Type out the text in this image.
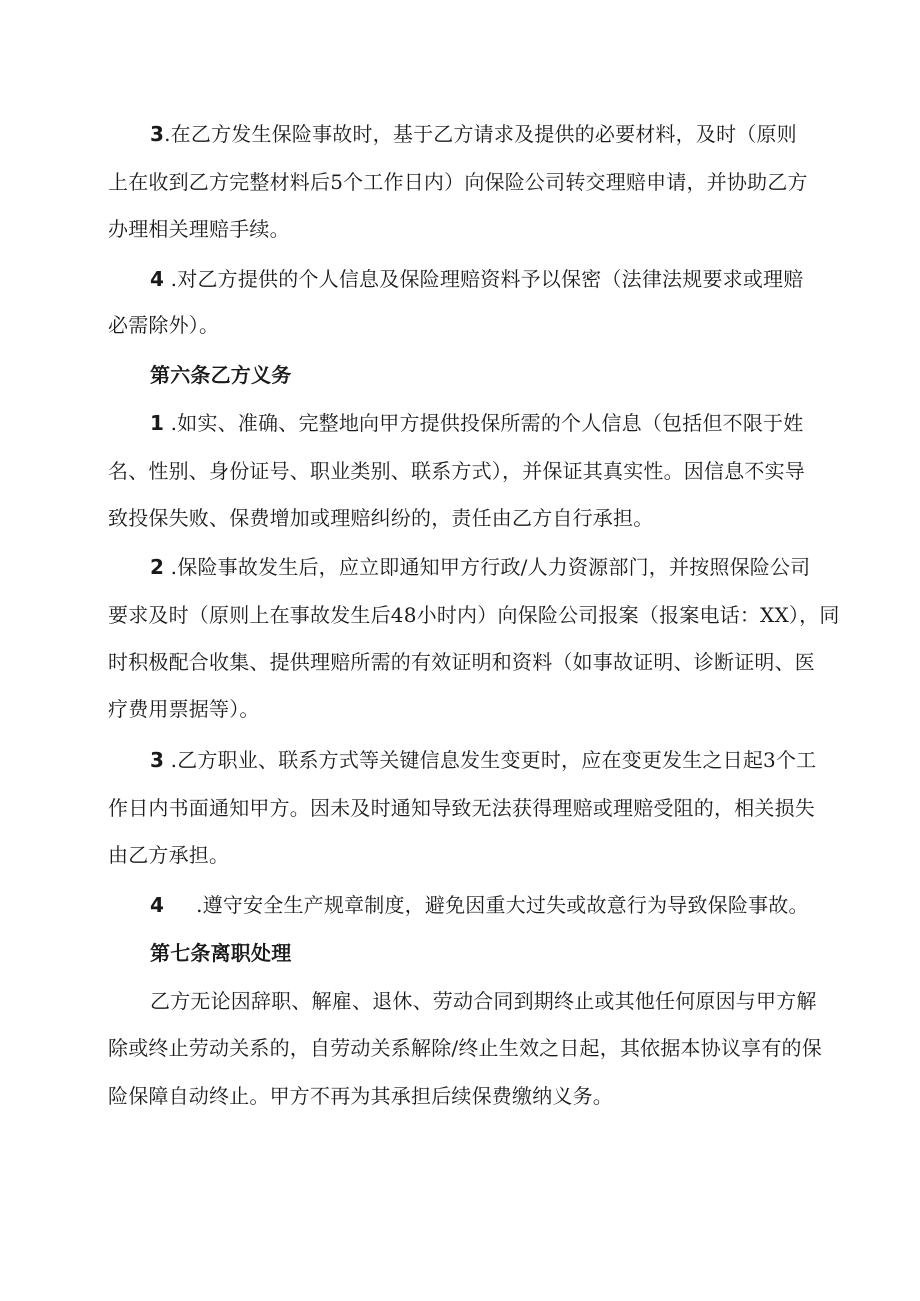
3.在乙方发生保险事故时，基于乙方请求及提供的必要材料，及时（原则
上在收到乙方完整材料后5个工作日内）向保险公司转交理赔申请，并协助乙方
办理相关理赔手续。
4 .对乙方提供的个人信息及保险理赔资料予以保密（法律法规要求或理赔
必需除外）。
第六条乙方义务
1 .如实、准确、完整地向甲方提供投保所需的个人信息（包括但不限于姓
名、性别、身份证号、职业类别、联系方式），并保证其真实性。因信息不实导
致投保失败、保费增加或理赔纠纷的，责任由乙方自行承担。
2 .保险事故发生后，应立即通知甲方行政/人力资源部门，并按照保险公司
要求及时（原则上在事故发生后48小时内）向保险公司报案（报案电话：XX），同
时积极配合收集、提供理赔所需的有效证明和资料（如事故证明、诊断证明、医
疗费用票据等）。
3 .乙方职业、联系方式等关键信息发生变更时，应在变更发生之日起3个工
作日内书面通知甲方。因未及时通知导致无法获得理赔或理赔受阻的，相关损失
由乙方承担。
4 .遵守安全生产规章制度，避免因重大过失或故意行为导致保险事故。
第七条离职处理
乙方无论因辞职、解雇、退休、劳动合同到期终止或其他任何原因与甲方解
除或终止劳动关系的，自劳动关系解除/终止生效之日起，其依据本协议享有的保
险保障自动终止。甲方不再为其承担后续保费缴纳义务。
